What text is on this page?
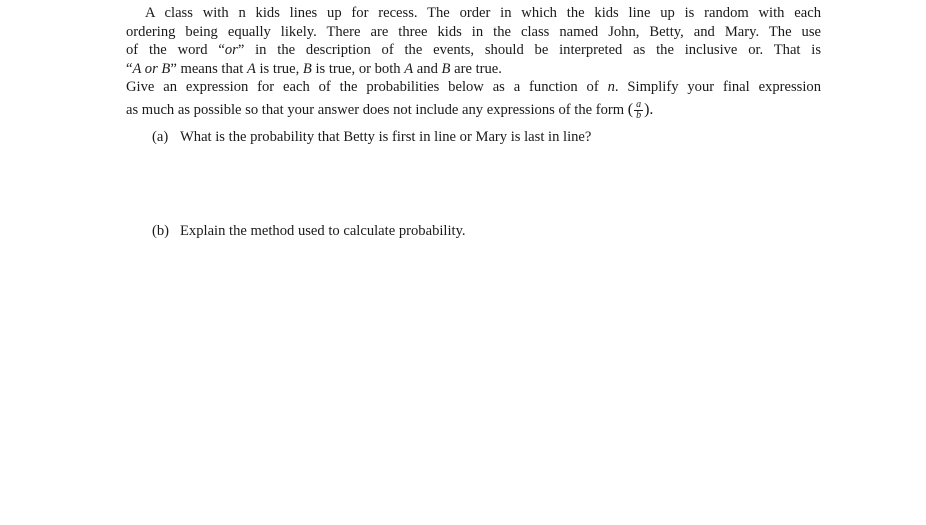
A class with n kids lines up for recess. The order in which the kids line up is random with each
ordering being equally likely. There are three kids in the class named John, Betty, and Mary. The use
of the word “or” in the description of the events, should be interpreted as the inclusive or. That is
“A or B” means that A is true, B is true, or both A and B are true.

Give an expression for each of the probabilities below as a function of n. Simplify your final expression
as much as possible so that your answer does not include any expressions of the form ( $\frac{a}{b}$ ).

(a) What is the probability that Betty is first in line or Mary is last in line?
(b) Explain the method used to calculate probability.
